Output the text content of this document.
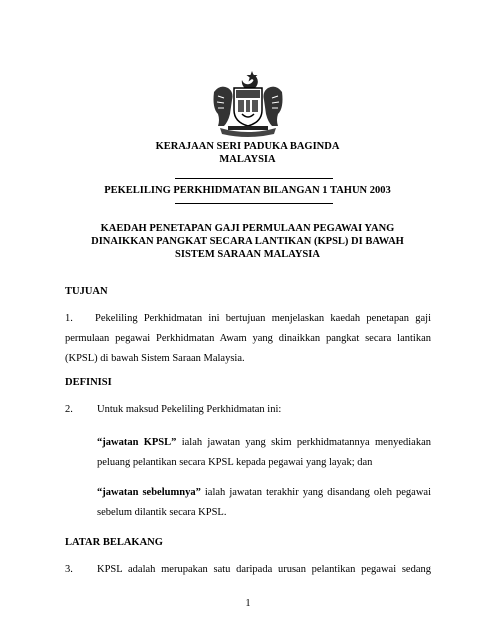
KERAJAAN SERI PADUKA BAGINDA
MALAYSIA
PEKELILING PERKHIDMATAN BILANGAN 1 TAHUN 2003
KAEDAH PENETAPAN GAJI PERMULAAN PEGAWAI YANG
DINAIKKAN PANGKAT SECARA LANTIKAN (KPSL) DI BAWAH
SISTEM SARAAN MALAYSIA
TUJUAN
1.	Pekeliling Perkhidmatan ini bertujuan menjelaskan kaedah penetapan gaji permulaan pegawai Perkhidmatan Awam yang dinaikkan pangkat secara lantikan (KPSL) di bawah Sistem Saraan Malaysia.
DEFINISI
2. Untuk maksud Pekeliling Perkhidmatan ini:
“jawatan KPSL” ialah jawatan yang skim perkhidmatannya menyediakan peluang pelantikan secara KPSL kepada pegawai yang layak; dan
“jawatan sebelumnya” ialah jawatan terakhir yang disandang oleh pegawai sebelum dilantik secara KPSL.
LATAR BELAKANG
3. KPSL adalah merupakan satu daripada urusan pelantikan pegawai sedang
1
